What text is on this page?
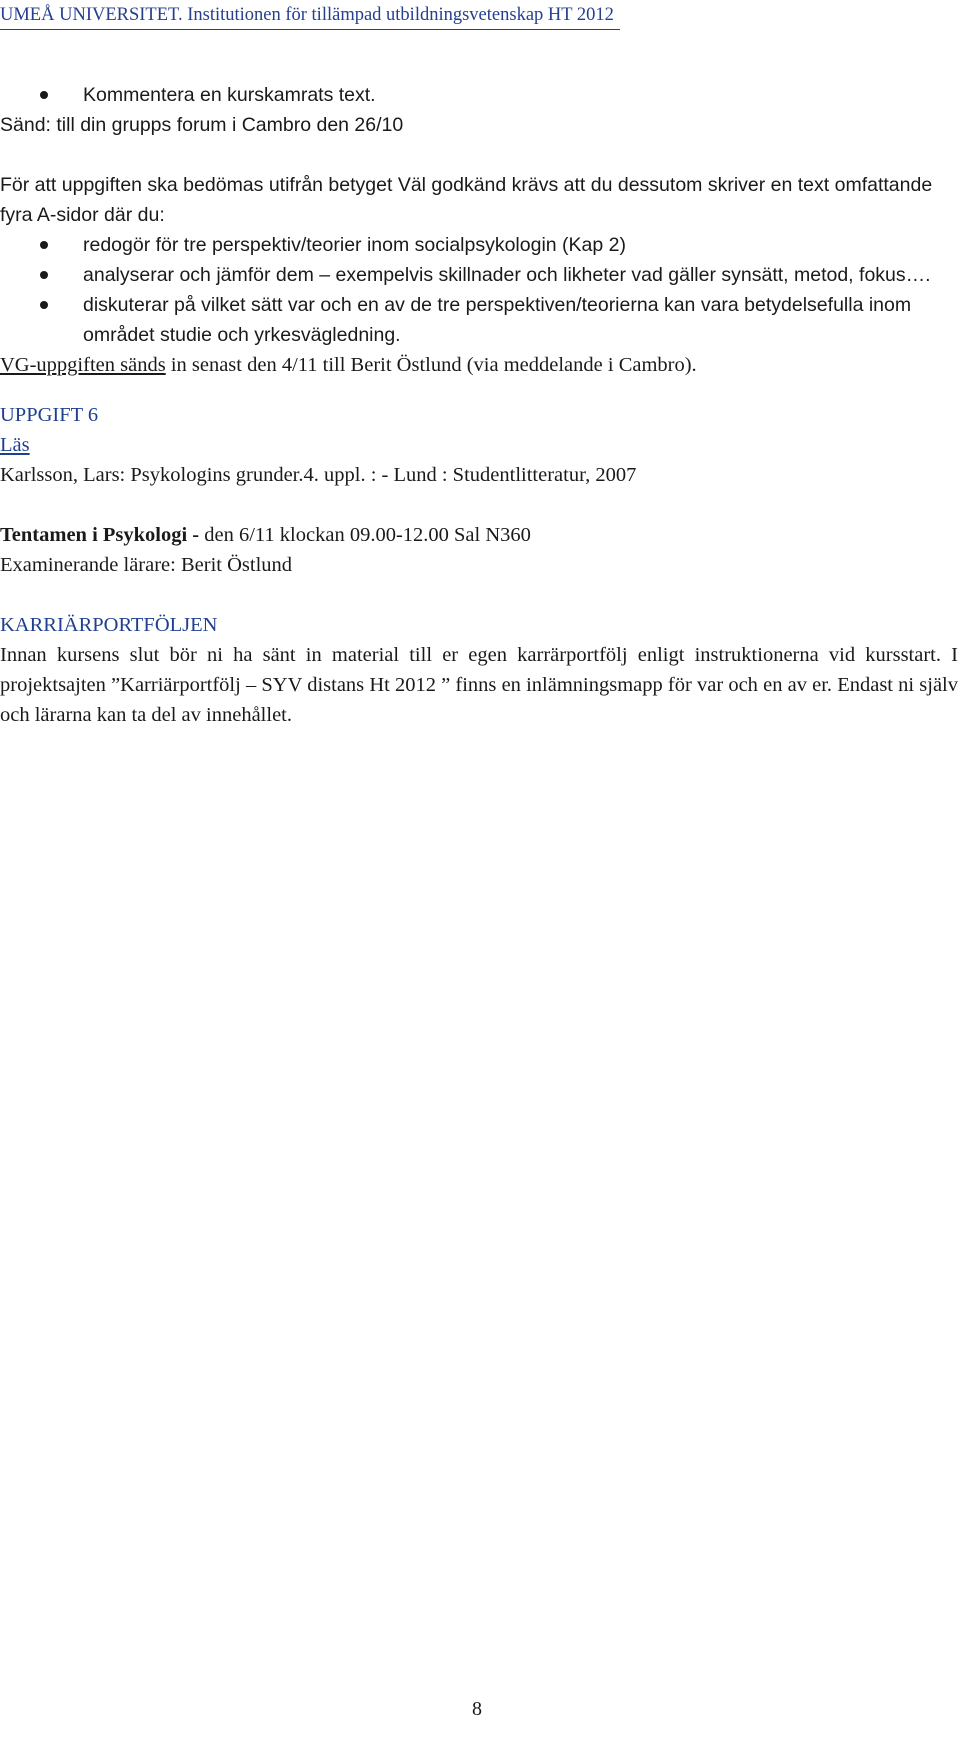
UMEÅ UNIVERSITET. Institutionen för tillämpad utbildningsvetenskap HT 2012
Kommentera en kurskamrats text.

Sänd: till din grupps forum i Cambro den 26/10

För att uppgiften ska bedömas utifrån betyget Väl godkänd krävs att du dessutom skriver en text omfattande fyra A-sidor där du:

redogör för tre perspektiv/teorier inom socialpsykologin (Kap 2)
analyserar och jämför dem – exempelvis skillnader och likheter vad gäller synsätt, metod, fokus….
diskuterar på vilket sätt var och en av de tre perspektiven/teorierna kan vara betydelsefulla inom området studie och yrkesvägledning.

VG-uppgiften sänds in senast den 4/11 till Berit Östlund (via meddelande i Cambro).

UPPGIFT 6

Läs

Karlsson, Lars: Psykologins grunder.4. uppl. : - Lund : Studentlitteratur, 2007

Tentamen i Psykologi - den 6/11 klockan 09.00-12.00 Sal N360

Examinerande lärare: Berit Östlund

KARRIÄRPORTFÖLJEN

Innan kursens slut bör ni ha sänt in material till er egen karrärportfölj enligt instruktionerna vid kursstart. I projektsajten ”Karriärportfölj – SYV distans Ht 2012 ” finns en inlämningsmapp för var och en av er. Endast ni själv och lärarna kan ta del av innehållet.

8
